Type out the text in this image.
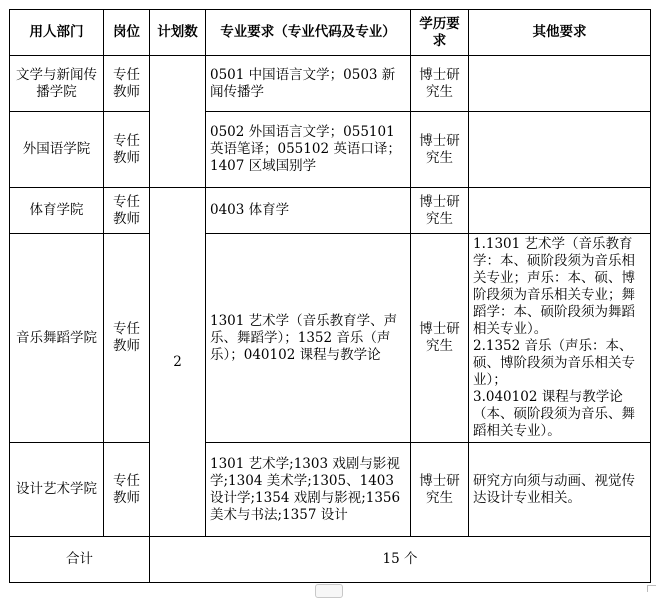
用人部门	岗位	计划数	专业要求（专业代码及专业）	学历要求	其他要求
文学与新闻传播学院	专任教师		0501 中国语言文学；0503 新闻传播学	博士研究生	
外国语学院	专任教师		0502 外国语言文学；055101 英语笔译；055102 英语口译；1407 区域国别学	博士研究生	
体育学院	专任教师	2	0403 体育学	博士研究生	
音乐舞蹈学院	专任教师		1301 艺术学（音乐教育学、声乐、舞蹈学）；1352 音乐（声乐）；040102 课程与教学论	博士研究生	1.1301 艺术学（音乐教育学：本、硕阶段须为音乐相关专业；声乐：本、硕、博阶段须为音乐相关专业；舞蹈学：本、硕阶段须为舞蹈相关专业）。
2.1352 音乐（声乐：本、硕、博阶段须为音乐相关专业）；
3.040102 课程与教学论（本、硕阶段须为音乐、舞蹈相关专业）。
设计艺术学院	专任教师		1301 艺术学;1303 戏剧与影视学;1304 美术学;1305、1403 设计学;1354 戏剧与影视;1356 美术与书法;1357 设计	博士研究生	研究方向须与动画、视觉传达设计专业相关。
合计		15 个			
